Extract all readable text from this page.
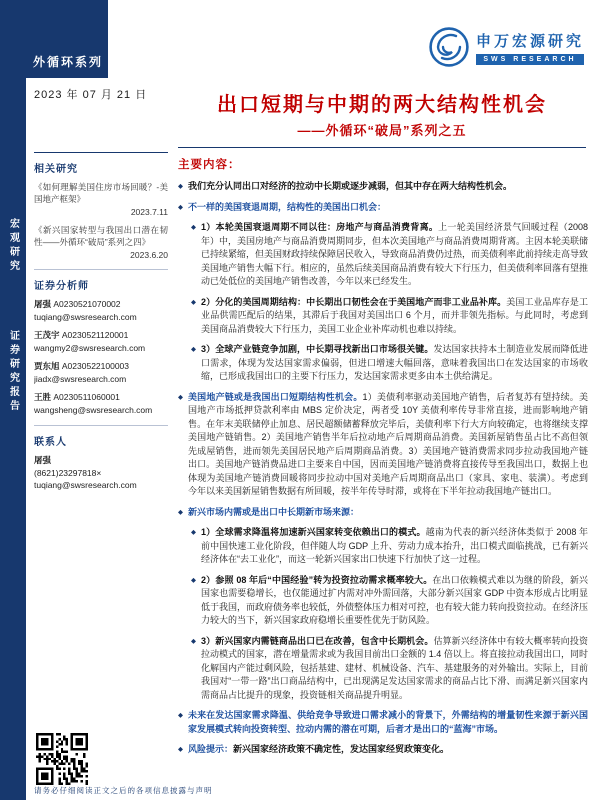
宏观研究
证券研究报告
外循环系列
2023 年 07 月 21 日
申万宏源研究
SWS RESEARCH
出口短期与中期的两大结构性机会
——外循环“破局”系列之五
相关研究

《如何理解美国住房市场回暖？-美国地产框架》

2023.7.11

《新兴国家转型与我国出口潜在韧性——外循环“破局”系列之四》

2023.6.20
证券分析师

屠强 A0230521070002

tuqiang@swsresearch.com

王茂宇 A0230521120001

wangmy2@swsresearch.com

贾东旭 A0230522100003

jiadx@swsresearch.com

王胜 A0230511060001

wangsheng@swsresearch.com

联系人

屠强

(8621)23297818×

tuqiang@swsresearch.com

主要内容：
◆

我们充分认同出口对经济的拉动中长期或逐步减弱，但其中存在两大结构性机会。

◆

不一样的美国衰退周期，结构性的美国出口机会：

◆

1）本轮美国衰退周期不同以往：房地产与商品消费背离。上一轮美国经济景气回暖过程（2008 年）中，美国房地产与商品消费周期同步，但本次美国地产与商品消费周期背离。主因本轮美联储已持续紧缩，但美国财政持续保障居民收入，导致商品消费仍过热，而美债利率此前持续走高导致美国地产销售大幅下行。相应的，虽然后续美国商品消费有较大下行压力，但美债利率回落有望推动已处低位的美国地产销售改善，今年以来已经发生。

◆

2）分化的美国周期结构：中长期出口韧性会在于美国地产而非工业品补库。美国工业品库存是工业品供需匹配后的结果，其滞后于我国对美国出口 6 个月，而并非领先指标。与此同时，考虑到美国商品消费较大下行压力，美国工业企业补库动机也难以持续。

◆

3）全球产业链竞争加剧，中长期寻找新出口市场很关键。发达国家扶持本土制造业发展而降低进口需求，体现为发达国家需求偏弱，但进口增速大幅回落，意味着我国出口在发达国家的市场收缩，已形成我国出口的主要下行压力，发达国家需求更多由本土供给满足。

◆

美国地产链或是我国出口短期结构性机会。1）美债利率驱动美国地产销售，后者复苏有望持续。美国地产市场抵押贷款利率由 MBS 定价决定，两者受 10Y 美债利率传导非常直接，进而影响地产销售。在年末美联储停止加息、居民超额储蓄释放完毕后，美债利率下行大方向较确定，也将继续支撑美国地产链销售。2）美国地产销售半年后拉动地产后周期商品消费。美国新屋销售虽占比不高但领先成屋销售，进而领先美国居民地产后周期商品消费。3）美国地产链消费需求同步拉动我国地产链出口。美国地产链消费品进口主要来自中国，因而美国地产链消费将直接传导至我国出口，数据上也体现为美国地产链消费回暖将同步拉动中国对美地产后周期商品出口（家具、家电、装潢）。考虑到今年以来美国新屋销售数据有所回暖，按半年传导时滞，或将在下半年拉动我国地产链出口。

◆

新兴市场内需或是出口中长期新市场来源：

◆

1）全球需求降温将加速新兴国家转变依赖出口的模式。越南为代表的新兴经济体类似于 2008 年前中国快速工业化阶段，但伴随人均 GDP 上升、劳动力成本抬升，出口模式面临挑战，已有新兴经济体在“去工业化”，而这一轮新兴国家出口快速下行加快了这一过程。

◆

2）参照 08 年后“中国经验”转为投资拉动需求概率较大。在出口依赖模式难以为继的阶段，新兴国家也需要稳增长，也仅能通过扩内需对冲外需回落，大部分新兴国家 GDP 中资本形成占比明显低于我国，而政府债务率也较低，外债整体压力相对可控，也有较大能力转向投资拉动。在经济压力较大的当下，新兴国家政府稳增长重要性优先于防风险。

◆

3）新兴国家内需链商品出口已在改善，包含中长期机会。估算新兴经济体中有较大概率转向投资拉动模式的国家，潜在增量需求或为我国目前出口金额的 1.4 倍以上。将直接拉动我国出口，同时化解国内产能过剩风险，包括基建、建材、机械设备、汽车、基建服务的对外输出。实际上，目前我国对“一带一路”出口商品结构中，已出现满足发达国家需求的商品占比下滑、而满足新兴国家内需商品占比提升的现象，投资链相关商品提升明显。

◆

未来在发达国家需求降温、供给竞争导致进口需求减小的背景下，外需结构的增量韧性来源于新兴国家发展模式转向投资转型、拉动内需的潜在可期，后者才是出口的“蓝海”市场。

◆

风险提示：新兴国家经济政策不确定性，发达国家经贸政策变化。

请务必仔细阅读正文之后的各项信息披露与声明
